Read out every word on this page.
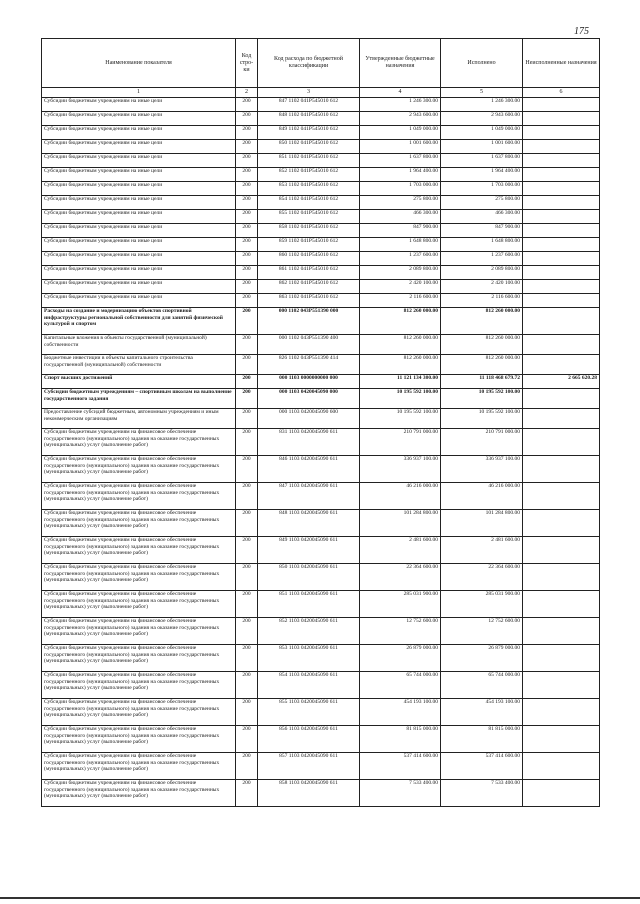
175
Наименование показателя	Код стро- ки	Код расхода по бюджетной классификации	Утвержденные бюджетные назначения	Исполнено	Неисполненные назначения
1	2	3	4	5	6
Субсидии бюджетным учреждениям на иные цели	200	847 1102 041P545010 612	1 246 300.00	1 246 300.00	
Субсидии бюджетным учреждениям на иные цели	200	848 1102 041P545010 612	2 943 600.00	2 943 600.00	
Субсидии бюджетным учреждениям на иные цели	200	849 1102 041P545010 612	1 049 000.00	1 049 000.00	
Субсидии бюджетным учреждениям на иные цели	200	850 1102 041P545010 612	1 001 600.00	1 001 600.00	
Субсидии бюджетным учреждениям на иные цели	200	851 1102 041P545010 612	1 637 800.00	1 637 800.00	
Субсидии бюджетным учреждениям на иные цели	200	852 1102 041P545010 612	1 964 400.00	1 964 400.00	
Субсидии бюджетным учреждениям на иные цели	200	853 1102 041P545010 612	1 703 000.00	1 703 000.00	
Субсидии бюджетным учреждениям на иные цели	200	854 1102 041P545010 612	275 800.00	275 800.00	
Субсидии бюджетным учреждениям на иные цели	200	855 1102 041P545010 612	466 300.00	466 300.00	
Субсидии бюджетным учреждениям на иные цели	200	858 1102 041P545010 612	847 900.00	847 900.00	
Субсидии бюджетным учреждениям на иные цели	200	859 1102 041P545010 612	1 648 800.00	1 648 800.00	
Субсидии бюджетным учреждениям на иные цели	200	860 1102 041P545010 612	1 237 600.00	1 237 600.00	
Субсидии бюджетным учреждениям на иные цели	200	861 1102 041P545010 612	2 089 800.00	2 089 800.00	
Субсидии бюджетным учреждениям на иные цели	200	862 1102 041P545010 612	2 420 100.00	2 420 100.00	
Субсидии бюджетным учреждениям на иные цели	200	863 1102 041P545010 612	2 116 600.00	2 116 600.00	
Расходы на создание и модернизацию объектов спортивной инфраструктуры региональной собственности для занятий физической культурой и спортом	200	000 1102 043P551390 000	812 260 000.00	812 260 000.00	
Капитальные вложения в объекты государственной (муниципальной) собственности	200	000 1102 043P551390 400	812 260 000.00	812 260 000.00	
Бюджетные инвестиции в объекты капитального строительства государственной (муниципальной) собственности	200	826 1102 043P551390 414	812 260 000.00	812 260 000.00	
Спорт высших достижений	200	000 1103 0000000000 000	11 121 134 300.00	11 118 468 679.72	2 665 620.28
Субсидии бюджетным учреждениям – спортивным школам на выполнение государственного задания	200	000 1103 0420045090 000	10 195 592 100.00	10 195 592 100.00	
Предоставление субсидий бюджетным, автономным учреждениям и иным некоммерческим организациям	200	000 1103 0420045090 600	10 195 592 100.00	10 195 592 100.00	
Субсидии бюджетным учреждениям на финансовое обеспечение государственного (муниципального) задания на оказание государственных (муниципальных) услуг (выполнение работ)	200	831 1103 0420045090 611	210 791 000.00	210 791 000.00	
Субсидии бюджетным учреждениям на финансовое обеспечение государственного (муниципального) задания на оказание государственных (муниципальных) услуг (выполнение работ)	200	846 1103 0420045090 611	336 937 100.00	336 937 100.00	
Субсидии бюджетным учреждениям на финансовое обеспечение государственного (муниципального) задания на оказание государственных (муниципальных) услуг (выполнение работ)	200	847 1103 0420045090 611	46 216 000.00	46 216 000.00	
Субсидии бюджетным учреждениям на финансовое обеспечение государственного (муниципального) задания на оказание государственных (муниципальных) услуг (выполнение работ)	200	848 1103 0420045090 611	101 284 800.00	101 284 800.00	
Субсидии бюджетным учреждениям на финансовое обеспечение государственного (муниципального) задания на оказание государственных (муниципальных) услуг (выполнение работ)	200	849 1103 0420045090 611	2 481 600.00	2 481 600.00	
Субсидии бюджетным учреждениям на финансовое обеспечение государственного (муниципального) задания на оказание государственных (муниципальных) услуг (выполнение работ)	200	850 1103 0420045090 611	22 364 600.00	22 364 600.00	
Субсидии бюджетным учреждениям на финансовое обеспечение государственного (муниципального) задания на оказание государственных (муниципальных) услуг (выполнение работ)	200	851 1103 0420045090 611	285 031 900.00	285 031 900.00	
Субсидии бюджетным учреждениям на финансовое обеспечение государственного (муниципального) задания на оказание государственных (муниципальных) услуг (выполнение работ)	200	852 1103 0420045090 611	12 752 600.00	12 752 600.00	
Субсидии бюджетным учреждениям на финансовое обеспечение государственного (муниципального) задания на оказание государственных (муниципальных) услуг (выполнение работ)	200	853 1103 0420045090 611	26 879 000.00	26 879 000.00	
Субсидии бюджетным учреждениям на финансовое обеспечение государственного (муниципального) задания на оказание государственных (муниципальных) услуг (выполнение работ)	200	854 1103 0420045090 611	65 744 000.00	65 744 000.00	
Субсидии бюджетным учреждениям на финансовое обеспечение государственного (муниципального) задания на оказание государственных (муниципальных) услуг (выполнение работ)	200	855 1103 0420045090 611	454 193 100.00	454 193 100.00	
Субсидии бюджетным учреждениям на финансовое обеспечение государственного (муниципального) задания на оказание государственных (муниципальных) услуг (выполнение работ)	200	856 1103 0420045090 611	81 815 000.00	81 815 000.00	
Субсидии бюджетным учреждениям на финансовое обеспечение государственного (муниципального) задания на оказание государственных (муниципальных) услуг (выполнение работ)	200	857 1103 0420045090 611	537 414 600.00	537 414 600.00	
Субсидии бюджетным учреждениям на финансовое обеспечение государственного (муниципального) задания на оказание государственных (муниципальных) услуг (выполнение работ)	200	858 1103 0420045090 611	7 533 400.00	7 533 400.00	
